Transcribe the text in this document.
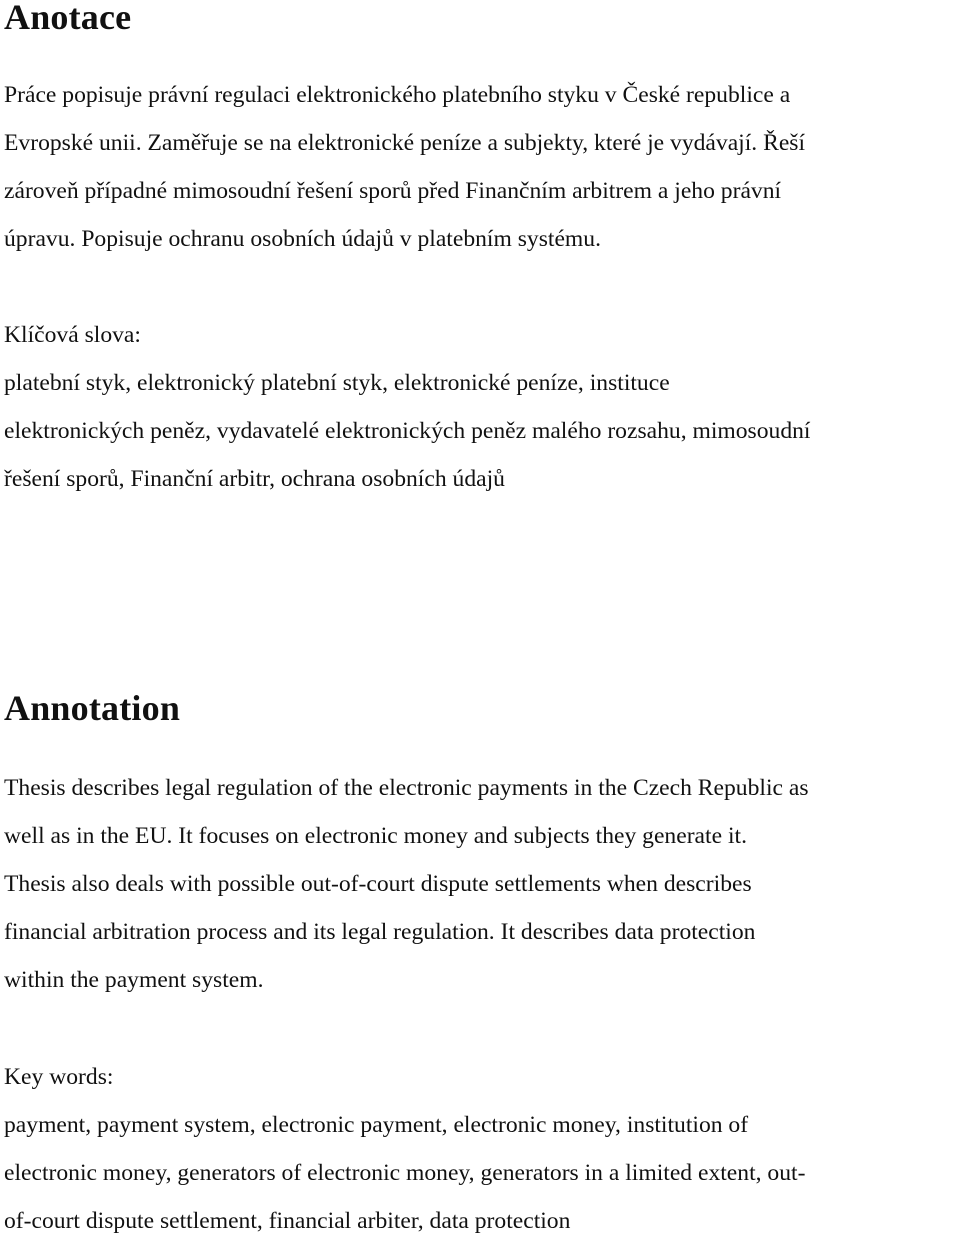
Anotace
Práce popisuje právní regulaci elektronického platebního styku v České republice a
Evropské unii. Zaměřuje se na elektronické peníze a subjekty, které je vydávají. Řeší
zároveň případné mimosoudní řešení sporů před Finančním arbitrem a jeho právní
úpravu. Popisuje ochranu osobních údajů v platebním systému.
Klíčová slova:
platební styk, elektronický platební styk, elektronické peníze, instituce
elektronických peněz, vydavatelé elektronických peněz malého rozsahu, mimosoudní
řešení sporů, Finanční arbitr, ochrana osobních údajů
Annotation
Thesis describes legal regulation of the electronic payments in the Czech Republic as
well as in the EU. It focuses on electronic money and subjects they generate it.
Thesis also deals with possible out-of-court dispute settlements when describes
financial arbitration process and its legal regulation. It describes data protection
within the payment system.
Key words:
payment, payment system, electronic payment, electronic money, institution of
electronic money, generators of electronic money, generators in a limited extent, out-
of-court dispute settlement, financial arbiter, data protection
